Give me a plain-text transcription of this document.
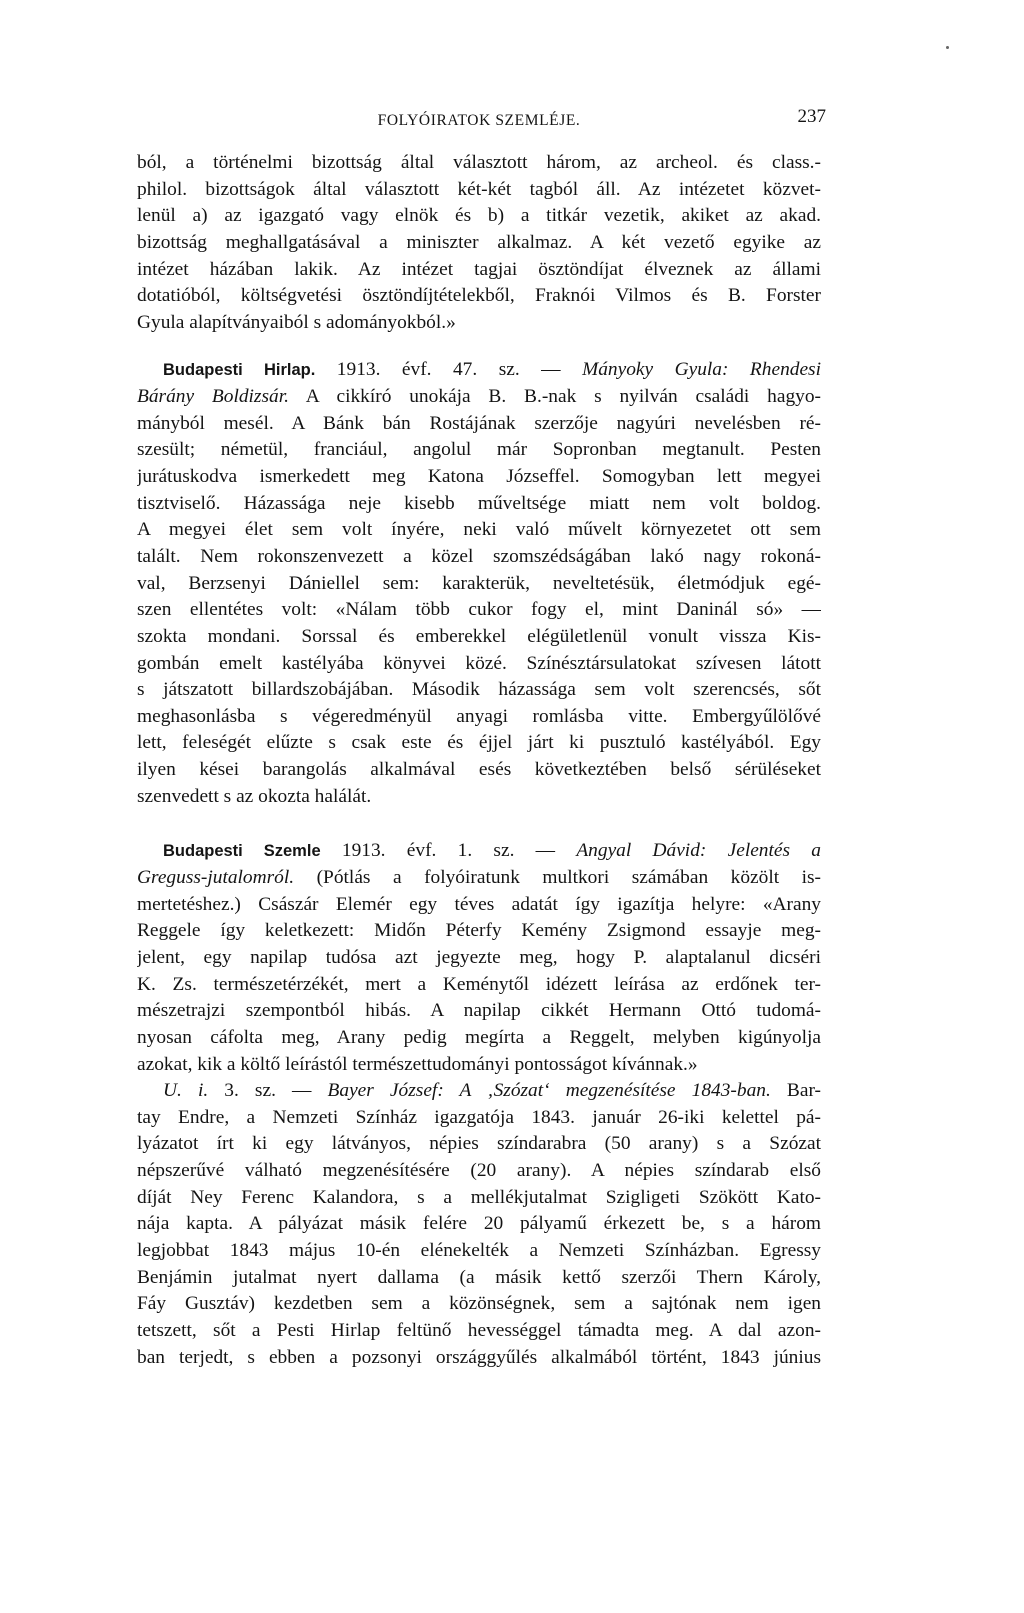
FOLYÓIRATOK SZEMLÉJE.	237
ból, a történelmi bizottság által választott három, az archeol. és class.-
philol. bizottságok által választott két-két tagból áll. Az intézetet közvet-
lenül a) az igazgató vagy elnök és b) a titkár vezetik, akiket az akad.
bizottság meghallgatásával a miniszter alkalmaz. A két vezető egyike az
intézet házában lakik. Az intézet tagjai ösztöndíjat élveznek az állami
dotatióból, költségvetési ösztöndíjtételekből, Fraknói Vilmos és B. Forster
Gyula alapítványaiból s adományokból.»
Budapesti Hirlap. 1913. évf. 47. sz. — Mányoky Gyula: Rhendesi
Bárány Boldizsár. A cikkíró unokája B. B.-nak s nyilván családi hagyo-
mányból mesél. A Bánk bán Rostájának szerzője nagyúri nevelésben ré-
szesült; németül, franciául, angolul már Sopronban megtanult. Pesten
jurátuskodva ismerkedett meg Katona Józseffel. Somogyban lett megyei
tisztviselő. Házassága neje kisebb műveltsége miatt nem volt boldog.
A megyei élet sem volt ínyére, neki való művelt környezetet ott sem
talált. Nem rokonszenvezett a közel szomszédságában lakó nagy rokoná-
val, Berzsenyi Dániellel sem: karakterük, neveltetésük, életmódjuk egé-
szen ellentétes volt: «Nálam több cukor fogy el, mint Daninál só» —
szokta mondani. Sorssal és emberekkel elégületlenül vonult vissza Kis-
gombán emelt kastélyába könyvei közé. Színésztársulatokat szívesen látott
s játszatott billardszobájában. Második házassága sem volt szerencsés, sőt
meghasonlásba s végeredményül anyagi romlásba vitte. Embergyűlölővé
lett, feleségét elűzte s csak este és éjjel járt ki pusztuló kastélyából. Egy
ilyen kései barangolás alkalmával esés következtében belső sérüléseket
szenvedett s az okozta halálát.
Budapesti Szemle 1913. évf. 1. sz. — Angyal Dávid: Jelentés a
Greguss-jutalomról. (Pótlás a folyóiratunk multkori számában közölt is-
mertetéshez.) Császár Elemér egy téves adatát így igazítja helyre: «Arany
Reggele így keletkezett: Midőn Péterfy Kemény Zsigmond essayje meg-
jelent, egy napilap tudósa azt jegyezte meg, hogy P. alaptalanul dicséri
K. Zs. természetérzékét, mert a Keménytől idézett leírása az erdőnek ter-
mészetrajzi szempontból hibás. A napilap cikkét Hermann Ottó tudomá-
nyosan cáfolta meg, Arany pedig megírta a Reggelt, melyben kigúnyolja
azokat, kik a költő leírástól természettudományi pontosságot kívánnak.»
U. i. 3. sz. — Bayer József: A ‚Szózat‘ megzenésítése 1843-ban. Bar-
tay Endre, a Nemzeti Színház igazgatója 1843. január 26-iki kelettel pá-
lyázatot írt ki egy látványos, népies színdarabra (50 arany) s a Szózat
népszerűvé válható megzenésítésére (20 arany). A népies színdarab első
díját Ney Ferenc Kalandora, s a mellékjutalmat Szigligeti Szökött Kato-
nája kapta. A pályázat másik felére 20 pályamű érkezett be, s a három
legjobbat 1843 május 10-én elénekelték a Nemzeti Színházban. Egressy
Benjámin jutalmat nyert dallama (a másik kettő szerzői Thern Károly,
Fáy Gusztáv) kezdetben sem a közönségnek, sem a sajtónak nem igen
tetszett, sőt a Pesti Hirlap feltünő hevességgel támadta meg. A dal azon-
ban terjedt, s ebben a pozsonyi országgyűlés alkalmából történt, 1843 június
